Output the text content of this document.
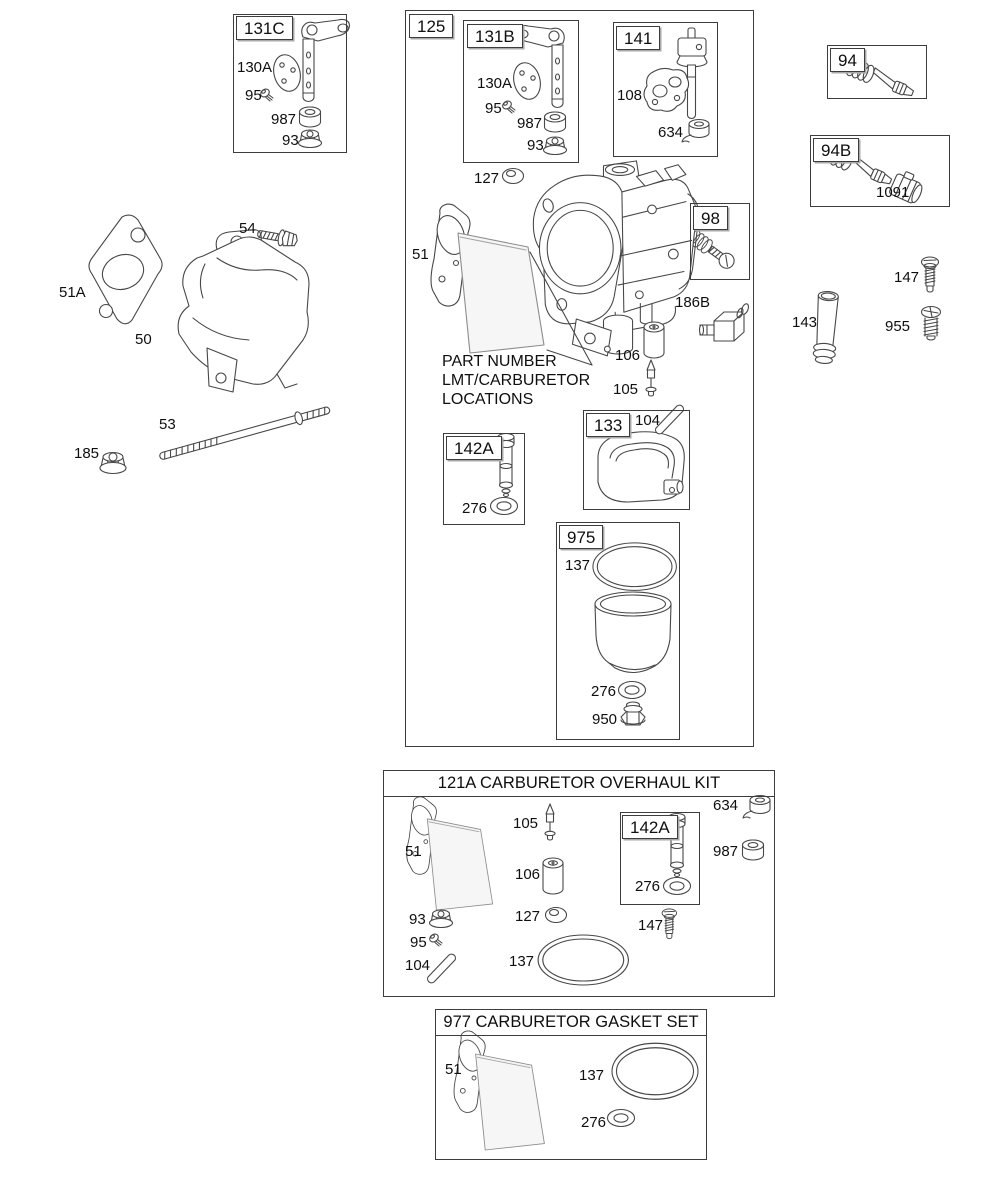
121A CARBURETOR OVERHAUL KIT
977 CARBURETOR GASKET SET
131C	125
131B	141
94
94B
98
133
142A
975
142A
130A
95
987
93
130A
95
987
93
108
634
1091
127
51
186B
106
105
PART NUMBER
LMT/CARBURETOR
LOCATIONS
104
276
137
276
950
54
51A
50
53
185
147
143	955
51
105
106
276
634
987
93
95
104
127
137
147
51	137
276
